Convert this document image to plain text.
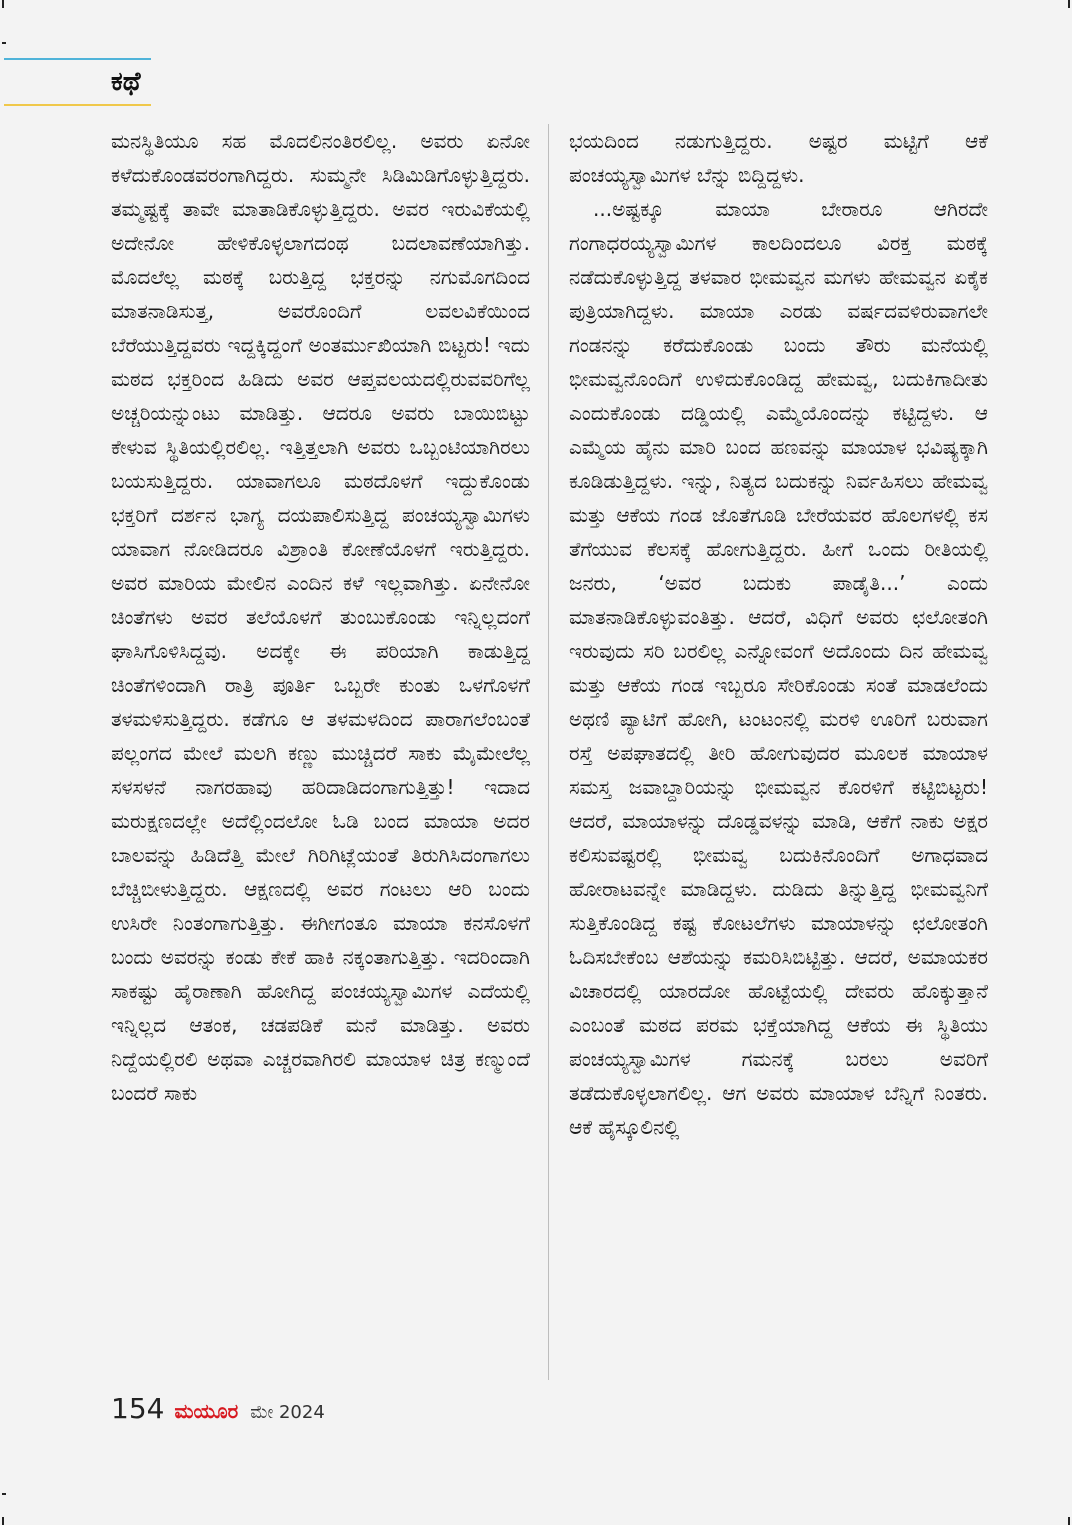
ಕಥೆ

ಮನಸ್ಥಿತಿಯೂ ಸಹ ಮೊದಲಿನಂತಿರಲಿಲ್ಲ. ಅವರು ಏನೋ ಕಳೆದುಕೊಂಡವರಂಗಾಗಿದ್ದರು. ಸುಮ್ಮನೇ ಸಿಡಿಮಿಡಿಗೊಳ್ಳುತ್ತಿದ್ದರು. ತಮ್ಮಷ್ಟಕ್ಕೆ ತಾವೇ ಮಾತಾಡಿಕೊಳ್ಳುತ್ತಿದ್ದರು. ಅವರ ಇರುವಿಕೆಯಲ್ಲಿ ಅದೇನೋ ಹೇಳಿಕೊಳ್ಳಲಾಗದಂಥ ಬದಲಾವಣೆಯಾಗಿತ್ತು. ಮೊದಲೆಲ್ಲ ಮಠಕ್ಕೆ ಬರುತ್ತಿದ್ದ ಭಕ್ತರನ್ನು ನಗುಮೊಗದಿಂದ ಮಾತನಾಡಿಸುತ್ತ, ಅವರೊಂದಿಗೆ ಲವಲವಿಕೆಯಿಂದ ಬೆರೆಯುತ್ತಿದ್ದವರು ಇದ್ದಕ್ಕಿದ್ದಂಗೆ ಅಂತರ್ಮುಖಿಯಾಗಿ ಬಿಟ್ಟರು! ಇದು ಮಠದ ಭಕ್ತರಿಂದ ಹಿಡಿದು ಅವರ ಆಪ್ತವಲಯದಲ್ಲಿರುವವರಿಗೆಲ್ಲ ಅಚ್ಚರಿಯನ್ನುಂಟು ಮಾಡಿತ್ತು. ಆದರೂ ಅವರು ಬಾಯಿಬಿಟ್ಟು ಕೇಳುವ ಸ್ಥಿತಿಯಲ್ಲಿರಲಿಲ್ಲ. ಇತ್ತಿತ್ತಲಾಗಿ ಅವರು ಒಬ್ಬಂಟಿಯಾಗಿರಲು ಬಯಸುತ್ತಿದ್ದರು. ಯಾವಾಗಲೂ ಮಠದೊಳಗೆ ಇದ್ದುಕೊಂಡು ಭಕ್ತರಿಗೆ ದರ್ಶನ ಭಾಗ್ಯ ದಯಪಾಲಿಸುತ್ತಿದ್ದ ಪಂಚಯ್ಯಸ್ವಾಮಿಗಳು ಯಾವಾಗ ನೋಡಿದರೂ ವಿಶ್ರಾಂತಿ ಕೋಣೆಯೊಳಗೆ ಇರುತ್ತಿದ್ದರು. ಅವರ ಮಾರಿಯ ಮೇಲಿನ ಎಂದಿನ ಕಳೆ ಇಲ್ಲವಾಗಿತ್ತು. ಏನೇನೋ ಚಿಂತೆಗಳು ಅವರ ತಲೆಯೊಳಗೆ ತುಂಬುಕೊಂಡು ಇನ್ನಿಲ್ಲದಂಗೆ ಘಾಸಿಗೊಳಿಸಿದ್ದವು. ಅದಕ್ಕೇ ಈ ಪರಿಯಾಗಿ ಕಾಡುತ್ತಿದ್ದ ಚಿಂತೆಗಳಿಂದಾಗಿ ರಾತ್ರಿ ಪೂರ್ತಿ ಒಬ್ಬರೇ ಕುಂತು ಒಳಗೊಳಗೆ ತಳಮಳಿಸುತ್ತಿದ್ದರು. ಕಡೆಗೂ ಆ ತಳಮಳದಿಂದ ಪಾರಾಗಲೆಂಬಂತೆ ಪಲ್ಲಂಗದ ಮೇಲೆ ಮಲಗಿ ಕಣ್ಣು ಮುಚ್ಚಿದರೆ ಸಾಕು ಮೈಮೇಲೆಲ್ಲ ಸಳಸಳನೆ ನಾಗರಹಾವು ಹರಿದಾಡಿದಂಗಾಗುತ್ತಿತ್ತು! ಇದಾದ ಮರುಕ್ಷಣದಲ್ಲೇ ಅದೆಲ್ಲಿಂದಲೋ ಓಡಿ ಬಂದ ಮಾಯಾ ಅದರ ಬಾಲವನ್ನು ಹಿಡಿದೆತ್ತಿ ಮೇಲೆ ಗಿರಿಗಿಟ್ಲೆಯಂತೆ ತಿರುಗಿಸಿದಂಗಾಗಲು ಬೆಚ್ಚಿಬೀಳುತ್ತಿದ್ದರು. ಆಕ್ಷಣದಲ್ಲಿ ಅವರ ಗಂಟಲು ಆರಿ ಬಂದು ಉಸಿರೇ ನಿಂತಂಗಾಗುತ್ತಿತ್ತು. ಈಗೀಗಂತೂ ಮಾಯಾ ಕನಸೊಳಗೆ ಬಂದು ಅವರನ್ನು ಕಂಡು ಕೇಕೆ ಹಾಕಿ ನಕ್ಕಂತಾಗುತ್ತಿತ್ತು. ಇದರಿಂದಾಗಿ ಸಾಕಷ್ಟು ಹೈರಾಣಾಗಿ ಹೋಗಿದ್ದ ಪಂಚಯ್ಯಸ್ವಾಮಿಗಳ ಎದೆಯಲ್ಲಿ ಇನ್ನಿಲ್ಲದ ಆತಂಕ, ಚಡಪಡಿಕೆ ಮನೆ ಮಾಡಿತ್ತು. ಅವರು ನಿದ್ದೆಯಲ್ಲಿರಲಿ ಅಥವಾ ಎಚ್ಚರವಾಗಿರಲಿ ಮಾಯಾಳ ಚಿತ್ರ ಕಣ್ಮುಂದೆ ಬಂದರೆ ಸಾಕು

ಭಯದಿಂದ ನಡುಗುತ್ತಿದ್ದರು. ಅಷ್ಟರ ಮಟ್ಟಿಗೆ ಆಕೆ ಪಂಚಯ್ಯಸ್ವಾಮಿಗಳ ಬೆನ್ನು ಬಿದ್ದಿದ್ದಳು.

...ಅಷ್ಟಕ್ಕೂ ಮಾಯಾ ಬೇರಾರೂ ಆಗಿರದೇ ಗಂಗಾಧರಯ್ಯಸ್ವಾಮಿಗಳ ಕಾಲದಿಂದಲೂ ವಿರಕ್ತ ಮಠಕ್ಕೆ ನಡೆದುಕೊಳ್ಳುತ್ತಿದ್ದ ತಳವಾರ ಭೀಮವ್ವನ ಮಗಳು ಹೇಮವ್ವನ ಏಕೈಕ ಪುತ್ರಿಯಾಗಿದ್ದಳು. ಮಾಯಾ ಎರಡು ವರ್ಷದವಳಿರುವಾಗಲೇ ಗಂಡನನ್ನು ಕರೆದುಕೊಂಡು ಬಂದು ತೌರು ಮನೆಯಲ್ಲಿ ಭೀಮವ್ವನೊಂದಿಗೆ ಉಳಿದುಕೊಂಡಿದ್ದ ಹೇಮವ್ವ, ಬದುಕಿಗಾದೀತು ಎಂದುಕೊಂಡು ದಡ್ಡಿಯಲ್ಲಿ ಎಮ್ಮೆಯೊಂದನ್ನು ಕಟ್ಟಿದ್ದಳು. ಆ ಎಮ್ಮೆಯ ಹೈನು ಮಾರಿ ಬಂದ ಹಣವನ್ನು ಮಾಯಾಳ ಭವಿಷ್ಯಕ್ಕಾಗಿ ಕೂಡಿಡುತ್ತಿದ್ದಳು. ಇನ್ನು, ನಿತ್ಯದ ಬದುಕನ್ನು ನಿರ್ವಹಿಸಲು ಹೇಮವ್ವ ಮತ್ತು ಆಕೆಯ ಗಂಡ ಜೊತೆಗೂಡಿ ಬೇರೆಯವರ ಹೊಲಗಳಲ್ಲಿ ಕಸ ತೆಗೆಯುವ ಕೆಲಸಕ್ಕೆ ಹೋಗುತ್ತಿದ್ದರು. ಹೀಗೆ ಒಂದು ರೀತಿಯಲ್ಲಿ ಜನರು, ‘ಅವರ ಬದುಕು ಪಾಡೈತಿ...’ ಎಂದು ಮಾತನಾಡಿಕೊಳ್ಳುವಂತಿತ್ತು. ಆದರೆ, ವಿಧಿಗೆ ಅವರು ಛಲೋತಂಗಿ ಇರುವುದು ಸರಿ ಬರಲಿಲ್ಲ ಎನ್ನೋವಂಗೆ ಅದೊಂದು ದಿನ ಹೇಮವ್ವ ಮತ್ತು ಆಕೆಯ ಗಂಡ ಇಬ್ಬರೂ ಸೇರಿಕೊಂಡು ಸಂತೆ ಮಾಡಲೆಂದು ಅಥಣಿ ಪ್ಯಾಟಿಗೆ ಹೋಗಿ, ಟಂಟಂನಲ್ಲಿ ಮರಳಿ ಊರಿಗೆ ಬರುವಾಗ ರಸ್ತೆ ಅಪಘಾತದಲ್ಲಿ ತೀರಿ ಹೋಗುವುದರ ಮೂಲಕ ಮಾಯಾಳ ಸಮಸ್ತ ಜವಾಬ್ದಾರಿಯನ್ನು ಭೀಮವ್ವನ ಕೊರಳಿಗೆ ಕಟ್ಟಿಬಿಟ್ಟರು! ಆದರೆ, ಮಾಯಾಳನ್ನು ದೊಡ್ಡವಳನ್ನು ಮಾಡಿ, ಆಕೆಗೆ ನಾಕು ಅಕ್ಷರ ಕಲಿಸುವಷ್ಟರಲ್ಲಿ ಭೀಮವ್ವ ಬದುಕಿನೊಂದಿಗೆ ಅಗಾಧವಾದ ಹೋರಾಟವನ್ನೇ ಮಾಡಿದ್ದಳು. ದುಡಿದು ತಿನ್ನುತ್ತಿದ್ದ ಭೀಮವ್ವನಿಗೆ ಸುತ್ತಿಕೊಂಡಿದ್ದ ಕಷ್ಟ ಕೋಟಲೆಗಳು ಮಾಯಾಳನ್ನು ಛಲೋತಂಗಿ ಓದಿಸಬೇಕೆಂಬ ಆಶೆಯನ್ನು ಕಮರಿಸಿಬಿಟ್ಟಿತ್ತು. ಆದರೆ, ಅಮಾಯಕರ ವಿಚಾರದಲ್ಲಿ ಯಾರದೋ ಹೊಟ್ಟೆಯಲ್ಲಿ ದೇವರು ಹೊಕ್ಕುತ್ತಾನೆ ಎಂಬಂತೆ ಮಠದ ಪರಮ ಭಕ್ತೆಯಾಗಿದ್ದ ಆಕೆಯ ಈ ಸ್ಥಿತಿಯು ಪಂಚಯ್ಯಸ್ವಾಮಿಗಳ ಗಮನಕ್ಕೆ ಬರಲು ಅವರಿಗೆ ತಡೆದುಕೊಳ್ಳಲಾಗಲಿಲ್ಲ. ಆಗ ಅವರು ಮಾಯಾಳ ಬೆನ್ನಿಗೆ ನಿಂತರು. ಆಕೆ ಹೈಸ್ಕೂಲಿನಲ್ಲಿ

154 ಮಯೂರ ಮೇ 2024
